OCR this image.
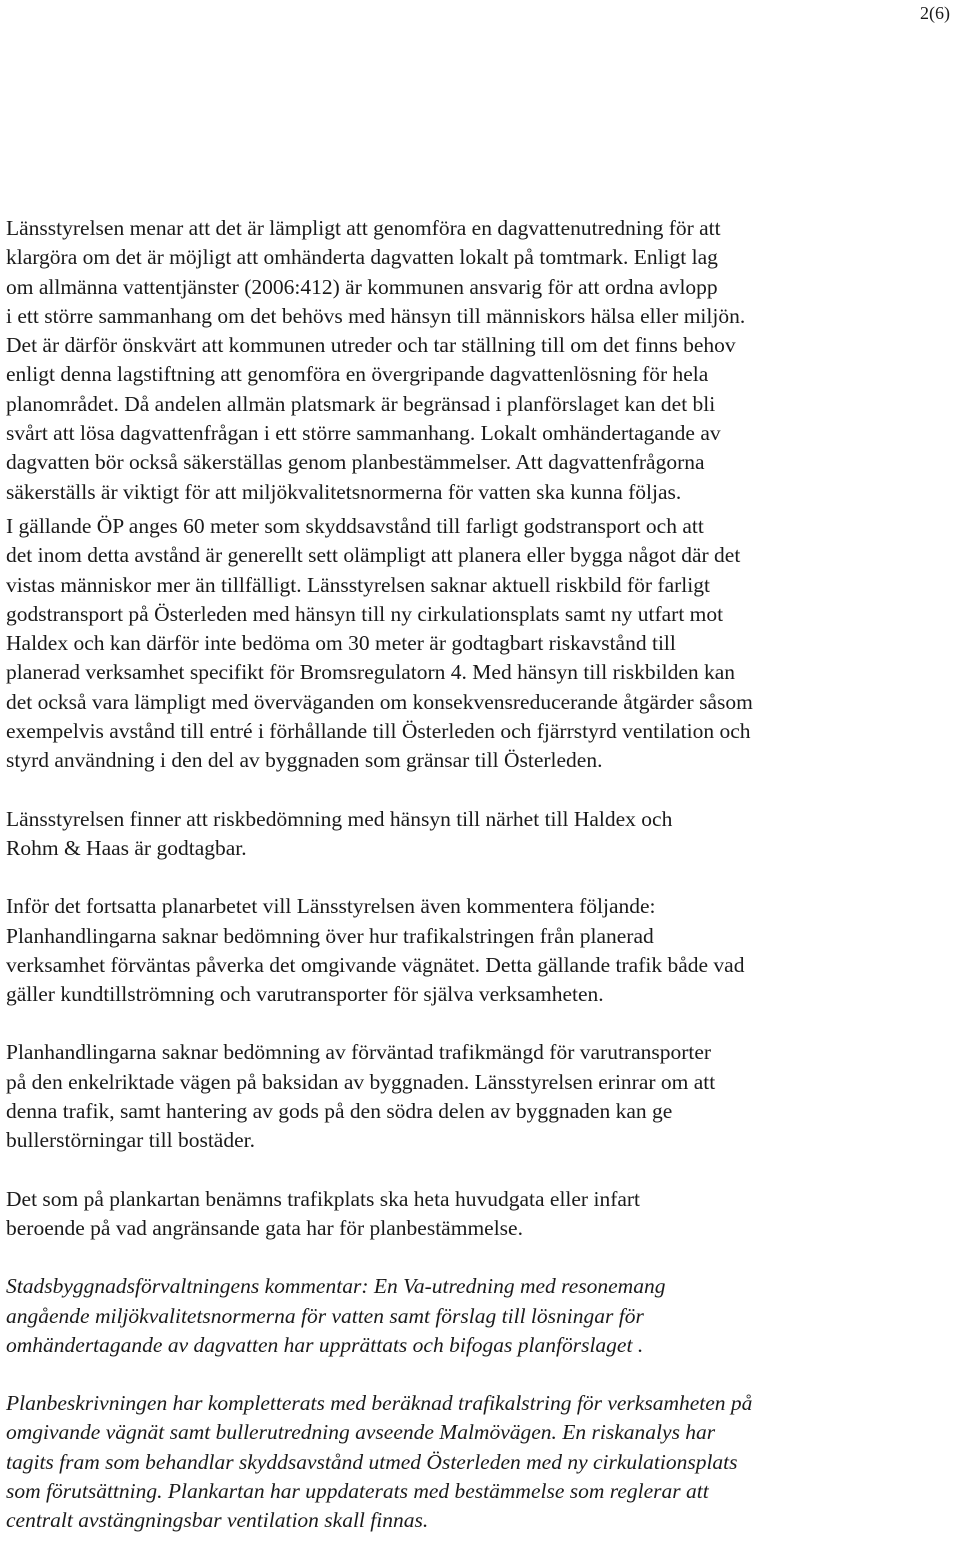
2(6)

Länsstyrelsen menar att det är lämpligt att genomföra en dagvattenutredning för att
klargöra om det är möjligt att omhänderta dagvatten lokalt på tomtmark. Enligt lag
om allmänna vattentjänster (2006:412) är kommunen ansvarig för att ordna avlopp
i ett större sammanhang om det behövs med hänsyn till människors hälsa eller miljön.
Det är därför önskvärt att kommunen utreder och tar ställning till om det finns behov
enligt denna lagstiftning att genomföra en övergripande dagvattenlösning för hela
planområdet. Då andelen allmän platsmark är begränsad i planförslaget kan det bli
svårt att lösa dagvattenfrågan i ett större sammanhang. Lokalt omhändertagande av
dagvatten bör också säkerställas genom planbestämmelser. Att dagvattenfrågorna
säkerställs är viktigt för att miljökvalitetsnormerna för vatten ska kunna följas.

I gällande ÖP anges 60 meter som skyddsavstånd till farligt godstransport och att
det inom detta avstånd är generellt sett olämpligt att planera eller bygga något där det
vistas människor mer än tillfälligt. Länsstyrelsen saknar aktuell riskbild för farligt
godstransport på Österleden med hänsyn till ny cirkulationsplats samt ny utfart mot
Haldex och kan därför inte bedöma om 30 meter är godtagbart riskavstånd till
planerad verksamhet specifikt för Bromsregulatorn 4. Med hänsyn till riskbilden kan
det också vara lämpligt med överväganden om konsekvensreducerande åtgärder såsom
exempelvis avstånd till entré i förhållande till Österleden och fjärrstyrd ventilation och
styrd användning i den del av byggnaden som gränsar till Österleden.

Länsstyrelsen finner att riskbedömning med hänsyn till närhet till Haldex och
Rohm & Haas är godtagbar.

Inför det fortsatta planarbetet vill Länsstyrelsen även kommentera följande:
Planhandlingarna saknar bedömning över hur trafikalstringen från planerad
verksamhet förväntas påverka det omgivande vägnätet. Detta gällande trafik både vad
gäller kundtillströmning och varutransporter för själva verksamheten.

Planhandlingarna saknar bedömning av förväntad trafikmängd för varutransporter
på den enkelriktade vägen på baksidan av byggnaden. Länsstyrelsen erinrar om att
denna trafik, samt hantering av gods på den södra delen av byggnaden kan ge
bullerstörningar till bostäder.

Det som på plankartan benämns trafikplats ska heta huvudgata eller infart
beroende på vad angränsande gata har för planbestämmelse.

Stadsbyggnadsförvaltningens kommentar: En Va-utredning med resonemang
angående miljökvalitetsnormerna för vatten samt förslag till lösningar för
omhändertagande av dagvatten har upprättats och bifogas planförslaget .

Planbeskrivningen har kompletterats med beräknad trafikalstring för verksamheten på
omgivande vägnät samt bullerutredning avseende Malmövägen. En riskanalys har
tagits fram som behandlar skyddsavstånd utmed Österleden med ny cirkulationsplats
som förutsättning. Plankartan har uppdaterats med bestämmelse som reglerar att
centralt avstängningsbar ventilation skall finnas.
